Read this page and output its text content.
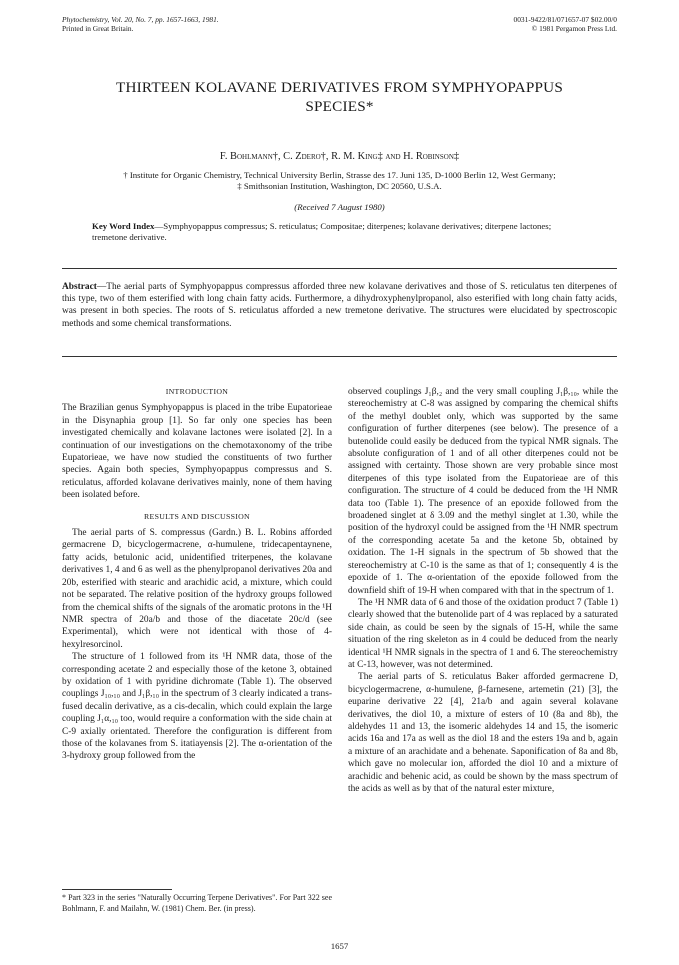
Phytochemistry, Vol. 20, No. 7, pp. 1657-1663, 1981.
Printed in Great Britain.
0031-9422/81/071657-07 $02.00/0
© 1981 Pergamon Press Ltd.
THIRTEEN KOLAVANE DERIVATIVES FROM SYMPHYOPAPPUS
SPECIES*
F. Bohlmann†, C. Zdero†, R. M. King‡ and H. Robinson‡
† Institute for Organic Chemistry, Technical University Berlin, Strasse des 17. Juni 135, D-1000 Berlin 12, West Germany;
‡ Smithsonian Institution, Washington, DC 20560, U.S.A.
(Received 7 August 1980)
Key Word Index—Symphyopappus compressus; S. reticulatus; Compositae; diterpenes; kolavane derivatives; diterpene lactones; tremetone derivative.
Abstract—The aerial parts of Symphyopappus compressus afforded three new kolavane derivatives and those of S. reticulatus ten diterpenes of this type, two of them esterified with long chain fatty acids. Furthermore, a dihydroxyphenylpropanol, also esterified with long chain fatty acids, was present in both species. The roots of S. reticulatus afforded a new tremetone derivative. The structures were elucidated by spectroscopic methods and some chemical transformations.
INTRODUCTION

The Brazilian genus Symphyopappus is placed in the tribe Eupatorieae in the Disynaphia group [1]. So far only one species has been investigated chemically and kolavane lactones were isolated [2]. In a continuation of our investigations on the chemotaxonomy of the tribe Eupatorieae, we have now studied the constituents of two further species. Again both species, Symphyopappus compressus and S. reticulatus, afforded kolavane derivatives mainly, none of them having been isolated before.

RESULTS AND DISCUSSION

The aerial parts of S. compressus (Gardn.) B. L. Robins afforded germacrene D, bicyclogermacrene, α-humulene, tridecapentaynene, fatty acids, betulonic acid, unidentified triterpenes, the kolavane derivatives 1, 4 and 6 as well as the phenylpropanol derivatives 20a and 20b, esterified with stearic and arachidic acid, a mixture, which could not be separated. The relative position of the hydroxy groups followed from the chemical shifts of the signals of the aromatic protons in the ¹H NMR spectra of 20a/b and those of the diacetate 20c/d (see Experimental), which were not identical with those of 4-hexylresorcinol.

The structure of 1 followed from its ¹H NMR data, those of the corresponding acetate 2 and especially those of the ketone 3, obtained by oxidation of 1 with pyridine dichromate (Table 1). The observed couplings J₁₀,₁₀ and J₁β,₁₀ in the spectrum of 3 clearly indicated a trans-fused decalin derivative, as a cis-decalin, which could explain the large coupling J₁α,₁₀ too, would require a conformation with the side chain at C-9 axially orientated. Therefore the configuration is different from those of the kolavanes from S. itatiayensis [2]. The α-orientation of the 3-hydroxy group followed from the

observed couplings J₁β,₂ and the very small coupling J₁β,₁₀, while the stereochemistry at C-8 was assigned by comparing the chemical shifts of the methyl doublet only, which was supported by the same configuration of further diterpenes (see below). The presence of a butenolide could easily be deduced from the typical NMR signals. The absolute configuration of 1 and of all other diterpenes could not be assigned with certainty. Those shown are very probable since most diterpenes of this type isolated from the Eupatorieae are of this configuration. The structure of 4 could be deduced from the ¹H NMR data too (Table 1). The presence of an epoxide followed from the broadened singlet at δ 3.09 and the methyl singlet at 1.30, while the position of the hydroxyl could be assigned from the ¹H NMR spectrum of the corresponding acetate 5a and the ketone 5b, obtained by oxidation. The 1-H signals in the spectrum of 5b showed that the stereochemistry at C-10 is the same as that of 1; consequently 4 is the epoxide of 1. The α-orientation of the epoxide followed from the downfield shift of 19-H when compared with that in the spectrum of 1.

The ¹H NMR data of 6 and those of the oxidation product 7 (Table 1) clearly showed that the butenolide part of 4 was replaced by a saturated side chain, as could be seen by the signals of 15-H, while the same situation of the ring skeleton as in 4 could be deduced from the nearly identical ¹H NMR signals in the spectra of 1 and 6. The stereochemistry at C-13, however, was not determined.

The aerial parts of S. reticulatus Baker afforded germacrene D, bicyclogermacrene, α-humulene, β-farnesene, artemetin (21) [3], the euparine derivative 22 [4], 21a/b and again several kolavane derivatives, the diol 10, a mixture of esters of 10 (8a and 8b), the aldehydes 11 and 13, the isomeric aldehydes 14 and 15, the isomeric acids 16a and 17a as well as the diol 18 and the esters 19a and b, again a mixture of an arachidate and a behenate. Saponification of 8a and 8b, which gave no molecular ion, afforded the diol 10 and a mixture of arachidic and behenic acid, as could be shown by the mass spectrum of the acids as well as by that of the natural ester mixture,

* Part 323 in the series "Naturally Occurring Terpene Derivatives". For Part 322 see Bohlmann, F. and Mailahn, W. (1981) Chem. Ber. (in press).
1657
